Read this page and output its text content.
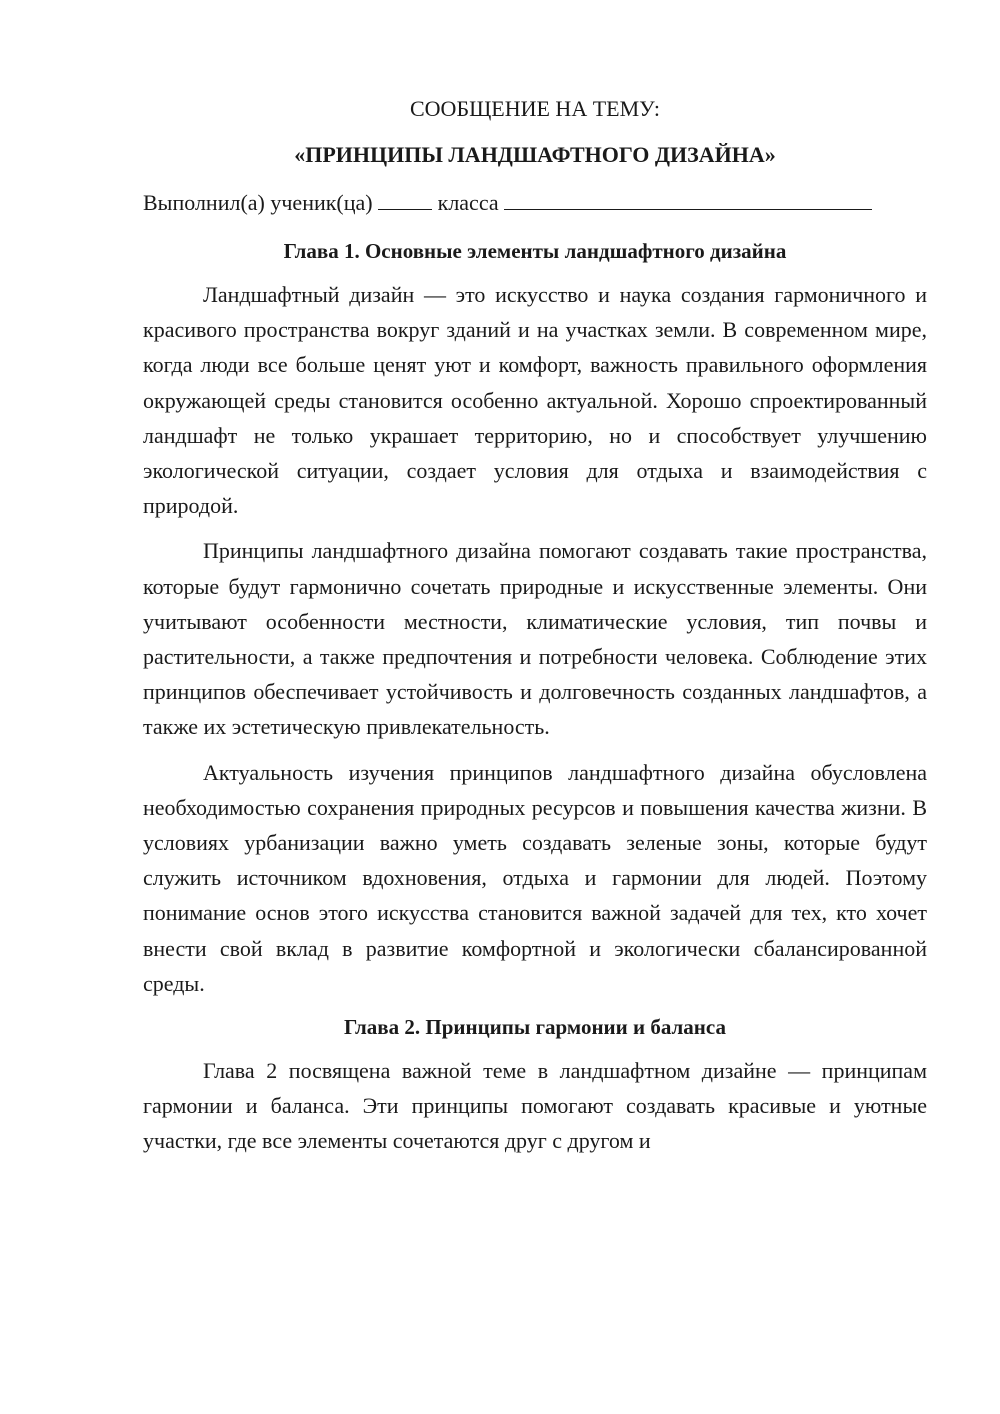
СООБЩЕНИЕ НА ТЕМУ:

«ПРИНЦИПЫ ЛАНДШАФТНОГО ДИЗАЙНА»

Выполнил(а) ученик(ца)	класса

Глава 1. Основные элементы ландшафтного дизайна

Ландшафтный дизайн — это искусство и наука создания гармоничного и красивого пространства вокруг зданий и на участках земли. В современном мире, когда люди все больше ценят уют и комфорт, важность правильного оформления окружающей среды становится особенно актуальной. Хорошо спроектированный ландшафт не только украшает территорию, но и способствует улучшению экологической ситуации, создает условия для отдыха и взаимодействия с природой.

Принципы ландшафтного дизайна помогают создавать такие пространства, которые будут гармонично сочетать природные и искусственные элементы. Они учитывают особенности местности, климатические условия, тип почвы и растительности, а также предпочтения и потребности человека. Соблюдение этих принципов обеспечивает устойчивость и долговечность созданных ландшафтов, а также их эстетическую привлекательность.

Актуальность изучения принципов ландшафтного дизайна обусловлена необходимостью сохранения природных ресурсов и повышения качества жизни. В условиях урбанизации важно уметь создавать зеленые зоны, которые будут служить источником вдохновения, отдыха и гармонии для людей. Поэтому понимание основ этого искусства становится важной задачей для тех, кто хочет внести свой вклад в развитие комфортной и экологически сбалансированной среды.

Глава 2. Принципы гармонии и баланса

Глава 2 посвящена важной теме в ландшафтном дизайне — принципам гармонии и баланса. Эти принципы помогают создавать красивые и уютные участки, где все элементы сочетаются друг с другом и
